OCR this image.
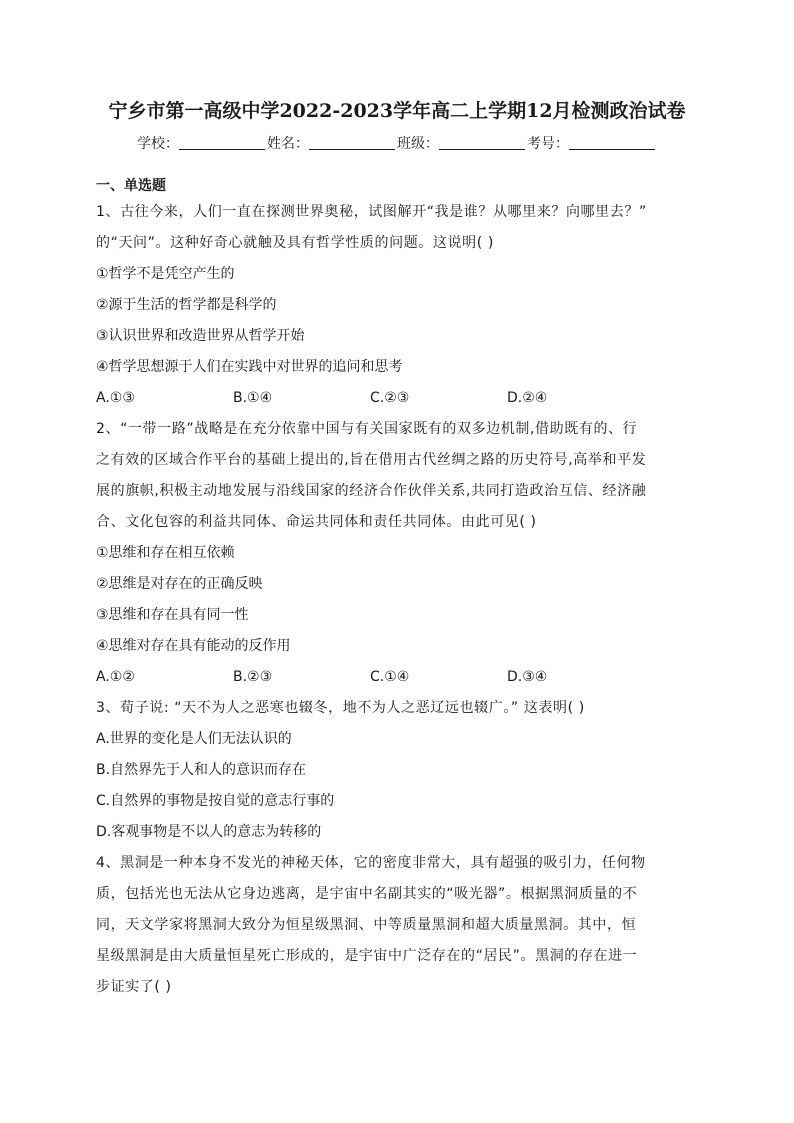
宁乡市第一高级中学2022-2023学年高二上学期12月检测政治试卷
学校：	姓名：	班级：	考号：
一、单选题

1、古往今来，人们一直在探测世界奥秘，试图解开“我是谁？从哪里来？向哪里去？”

的“天问”。这种好奇心就触及具有哲学性质的问题。这说明( )

①哲学不是凭空产生的

②源于生活的哲学都是科学的

③认识世界和改造世界从哲学开始

④哲学思想源于人们在实践中对世界的追问和思考

A.①③	B.①④	C.②③	D.②④

2、“一带一路”战略是在充分依靠中国与有关国家既有的双多边机制,借助既有的、行

之有效的区域合作平台的基础上提出的,旨在借用古代丝绸之路的历史符号,高举和平发

展的旗帜,积极主动地发展与沿线国家的经济合作伙伴关系,共同打造政治互信、经济融

合、文化包容的利益共同体、命运共同体和责任共同体。由此可见( )

①思维和存在相互依赖

②思维是对存在的正确反映

③思维和存在具有同一性

④思维对存在具有能动的反作用

A.①②	B.②③	C.①④	D.③④

3、荀子说: “天不为人之恶寒也辍冬，地不为人之恶辽远也辍广。” 这表明( )

A.世界的变化是人们无法认识的

B.自然界先于人和人的意识而存在

C.自然界的事物是按自觉的意志行事的

D.客观事物是不以人的意志为转移的

4、黑洞是一种本身不发光的神秘天体，它的密度非常大，具有超强的吸引力，任何物

质，包括光也无法从它身边逃离，是宇宙中名副其实的“吸光器”。根据黑洞质量的不

同，天文学家将黑洞大致分为恒星级黑洞、中等质量黑洞和超大质量黑洞。其中，恒

星级黑洞是由大质量恒星死亡形成的，是宇宙中广泛存在的“居民”。黑洞的存在进一

步证实了( )
